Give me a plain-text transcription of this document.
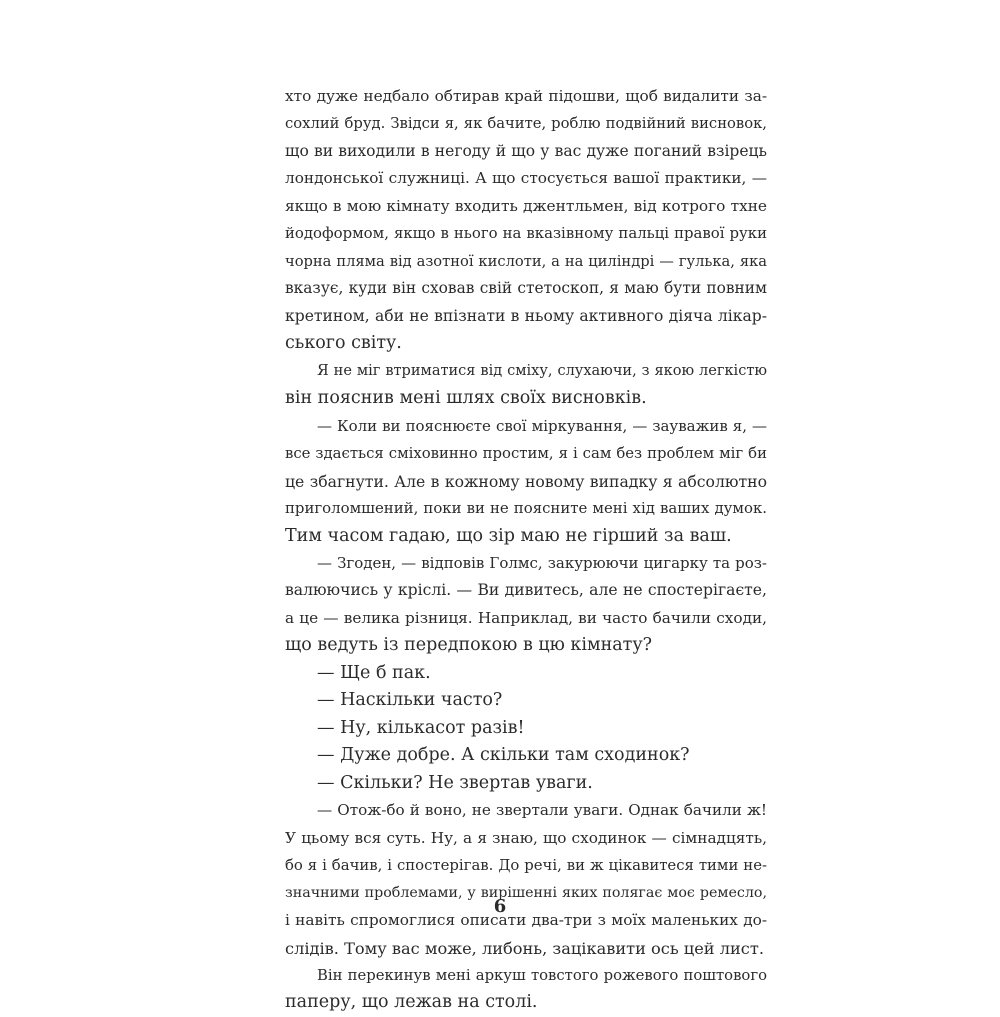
хто дуже недбало обтирав край підошви, щоб видалити за-
сохлий бруд. Звідси я, як бачите, роблю подвійний висновок,
що ви виходили в негоду й що у вас дуже поганий взірець
лондонської служниці. А що стосується вашої практики, —
якщо в мою кімнату входить джентльмен, від котрого тхне
йодоформом, якщо в нього на вказівному пальці правої руки
чорна пляма від азотної кислоти, а на циліндрі — гулька, яка
вказує, куди він сховав свій стетоскоп, я маю бути повним
кретином, аби не впізнати в ньому активного діяча лікар-
ського світу.
Я не міг втриматися від сміху, слухаючи, з якою легкістю
він пояснив мені шлях своїх висновків.
— Коли ви пояснюєте свої міркування, — зауважив я, —
все здається сміховинно простим, я і сам без проблем міг би
це збагнути. Але в кожному новому випадку я абсолютно
приголомшений, поки ви не поясните мені хід ваших думок.
Тим часом гадаю, що зір маю не гірший за ваш.
— Згоден, — відповів Голмс, закурюючи цигарку та роз-
валюючись у кріслі. — Ви дивитесь, але не спостерігаєте,
а це — велика різниця. Наприклад, ви часто бачили сходи,
що ведуть із передпокою в цю кімнату?
— Ще б пак.
— Наскільки часто?
— Ну, кількасот разів!
— Дуже добре. А скільки там сходинок?
— Скільки? Не звертав уваги.
— Отож-бо й воно, не звертали уваги. Однак бачили ж!
У цьому вся суть. Ну, а я знаю, що сходинок — сімнадцять,
бо я і бачив, і спостерігав. До речі, ви ж цікавитеся тими не-
значними проблемами, у вирішенні яких полягає моє ремесло,
і навіть спромоглися описати два-три з моїх маленьких до-
слідів. Тому вас може, либонь, зацікавити ось цей лист.
Він перекинув мені аркуш товстого рожевого поштового
паперу, що лежав на столі.
6
